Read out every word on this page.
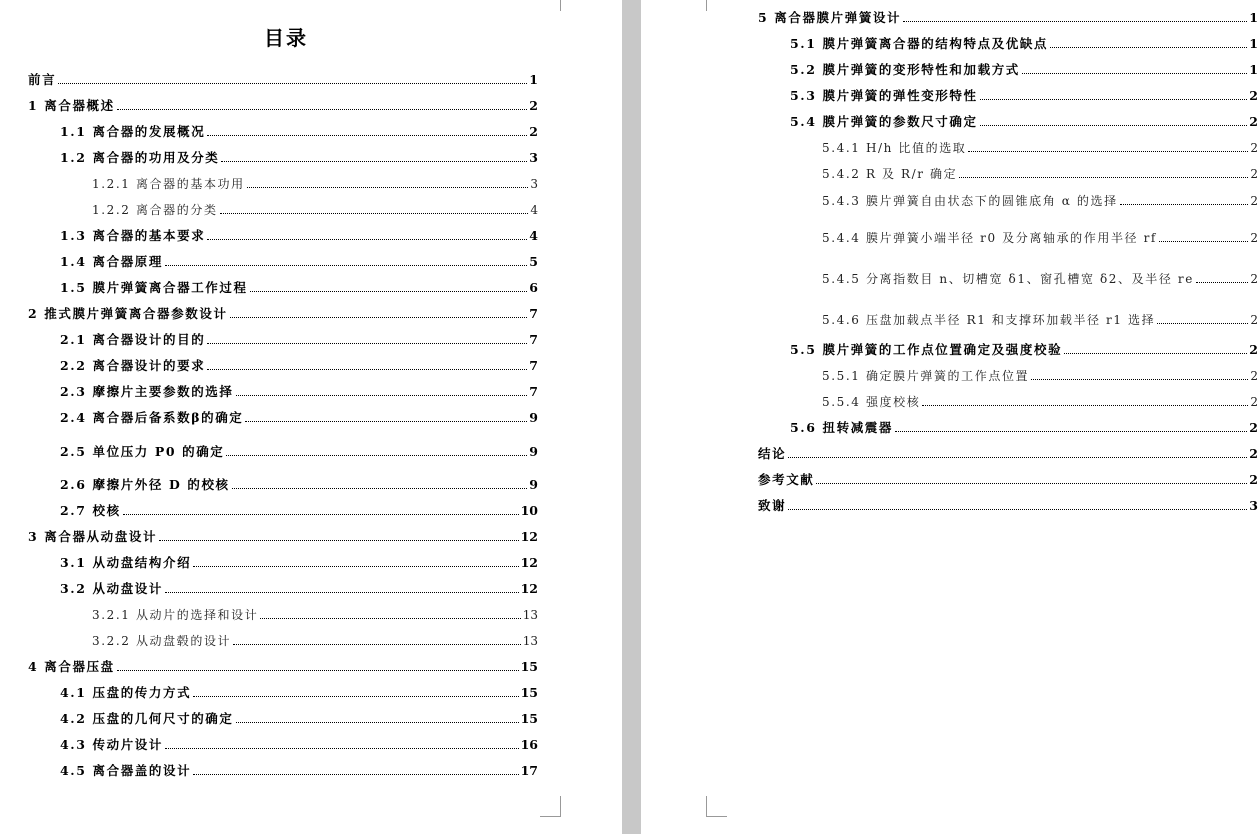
目录
前言	1
1 离合器概述	2
1.1 离合器的发展概况	2
1.2 离合器的功用及分类	3
1.2.1 离合器的基本功用	3
1.2.2 离合器的分类	4
1.3 离合器的基本要求	4
1.4 离合器原理	5
1.5 膜片弹簧离合器工作过程	6
2 推式膜片弹簧离合器参数设计	7
2.1 离合器设计的目的	7
2.2 离合器设计的要求	7
2.3 摩擦片主要参数的选择	7
2.4 离合器后备系数β的确定	9
2.5 单位压力 P0 的确定	9
2.6 摩擦片外径 D 的校核	9
2.7 校核	10
3 离合器从动盘设计	12
3.1 从动盘结构介绍	12
3.2 从动盘设计	12
3.2.1 从动片的选择和设计	13
3.2.2 从动盘毂的设计	13
4 离合器压盘	15
4.1 压盘的传力方式	15
4.2 压盘的几何尺寸的确定	15
4.3 传动片设计	16
4.5 离合器盖的设计	17
5 离合器膜片弹簧设计	1
5.1 膜片弹簧离合器的结构特点及优缺点	1
5.2 膜片弹簧的变形特性和加载方式	1
5.3 膜片弹簧的弹性变形特性	2
5.4 膜片弹簧的参数尺寸确定	2
5.4.1 H/h 比值的选取	2
5.4.2 R 及 R/r 确定	2
5.4.3 膜片弹簧自由状态下的圆锥底角 α 的选择	2
5.4.4 膜片弹簧小端半径 r0 及分离轴承的作用半径 rf	2
5.4.5 分离指数目 n、切槽宽 δ1、窗孔槽宽 δ2、及半径 re	2
5.4.6 压盘加载点半径 R1 和支撑环加载半径 r1 选择	2
5.5 膜片弹簧的工作点位置确定及强度校验	2
5.5.1 确定膜片弹簧的工作点位置	2
5.5.4 强度校核	2
5.6 扭转减震器	2
结论	2
参考文献	2
致谢	3
